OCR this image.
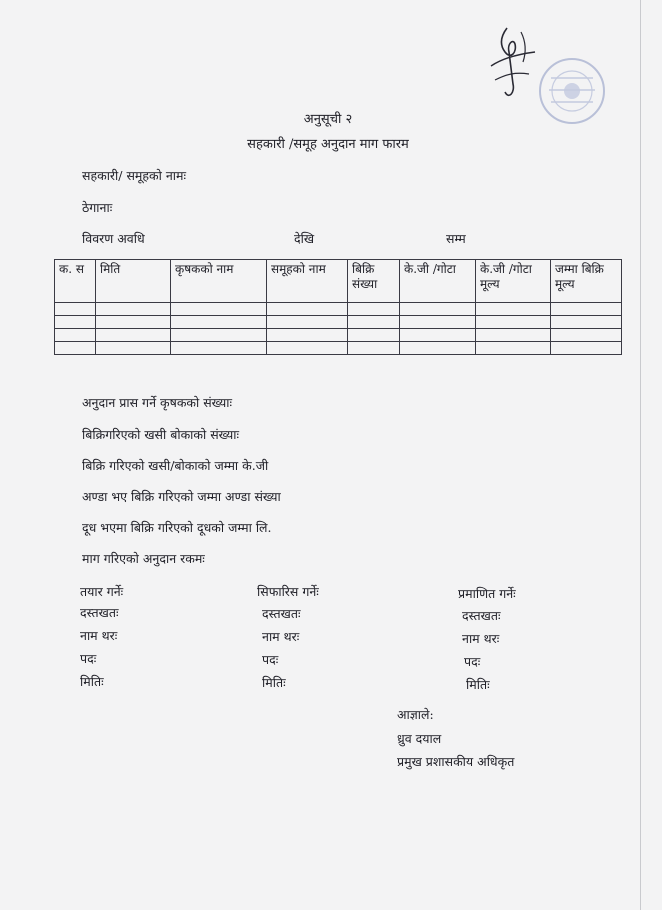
अनुसूची २
सहकारी /समूह अनुदान माग फारम
सहकारी/ समूहको नामः
ठेगानाः
विवरण अवधि	देखि	सम्म
क. स	मिति	कृषकको नाम	समूहको नाम	बिक्रि संख्या	के.जी /गोटा	के.जी /गोटा मूल्य	जम्मा बिक्रि मूल्य

अनुदान प्रास गर्ने कृषकको संख्याः
बिक्रिगरिएको खसी बोकाको संख्याः
बिक्रि गरिएको खसी/बोकाको जम्मा के.जी
अण्डा भए बिक्रि गरिएको जम्मा अण्डा संख्या
दूध भएमा बिक्रि गरिएको दूधको जम्मा लि.
माग गरिएको अनुदान रकमः
तयार गर्नेः
दस्तखतः
नाम थरः
पदः
मितिः
सिफारिस गर्नेः
दस्तखतः
नाम थरः
पदः
मितिः
प्रमाणित गर्नेः
दस्तखतः
नाम थरः
पदः
मितिः
आज्ञाले:
ध्रुव दयाल
प्रमुख प्रशासकीय अधिकृत
